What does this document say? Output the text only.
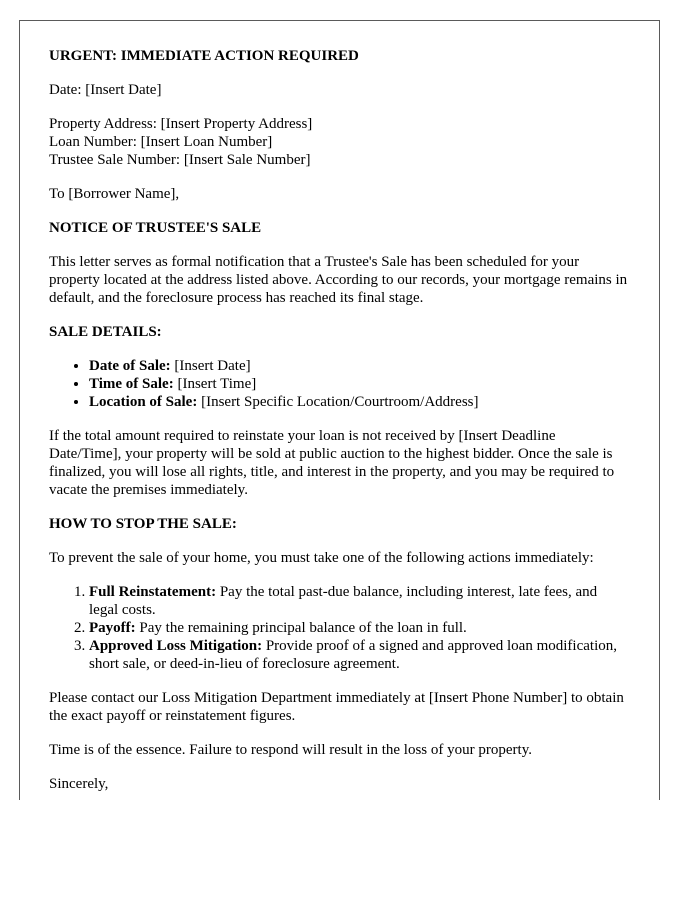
URGENT: IMMEDIATE ACTION REQUIRED

Date: [Insert Date]

Property Address: [Insert Property Address]
Loan Number: [Insert Loan Number]
Trustee Sale Number: [Insert Sale Number]

To [Borrower Name],

NOTICE OF TRUSTEE'S SALE

This letter serves as formal notification that a Trustee's Sale has been scheduled for your property located at the address listed above. According to our records, your mortgage remains in default, and the foreclosure process has reached its final stage.

SALE DETAILS:

• Date of Sale: [Insert Date]
• Time of Sale: [Insert Time]
• Location of Sale: [Insert Specific Location/Courtroom/Address]

If the total amount required to reinstate your loan is not received by [Insert Deadline Date/Time], your property will be sold at public auction to the highest bidder. Once the sale is finalized, you will lose all rights, title, and interest in the property, and you may be required to vacate the premises immediately.

HOW TO STOP THE SALE:

To prevent the sale of your home, you must take one of the following actions immediately:

1. Full Reinstatement: Pay the total past-due balance, including interest, late fees, and legal costs.
2. Payoff: Pay the remaining principal balance of the loan in full.
3. Approved Loss Mitigation: Provide proof of a signed and approved loan modification, short sale, or deed-in-lieu of foreclosure agreement.

Please contact our Loss Mitigation Department immediately at [Insert Phone Number] to obtain the exact payoff or reinstatement figures.

Time is of the essence. Failure to respond will result in the loss of your property.

Sincerely,
